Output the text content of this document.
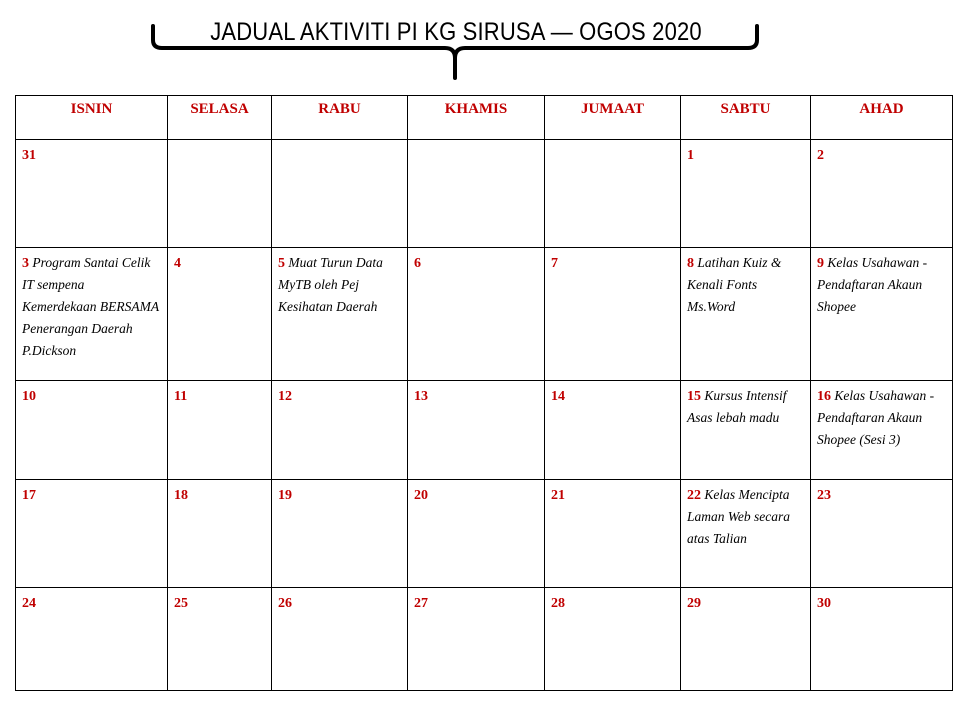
JADUAL AKTIVITI PI KG SIRUSA — OGOS 2020
ISNIN	SELASA	RABU	KHAMIS	JUMAAT	SABTU	AHAD
31					1	2
3 Program Santai Celik IT sempena Kemerdekaan BERSAMA Penerangan Daerah P.Dickson	4	5 Muat Turun Data MyTB oleh Pej Kesihatan Daerah	6	7	8 Latihan Kuiz & Kenali Fonts Ms.Word	9 Kelas Usahawan - Pendaftaran Akaun Shopee
10	11	12	13	14	15 Kursus Intensif Asas lebah madu	16 Kelas Usahawan - Pendaftaran Akaun Shopee (Sesi 3)
17	18	19	20	21	22 Kelas Mencipta Laman Web secara atas Talian	23
24	25	26	27	28	29	30
